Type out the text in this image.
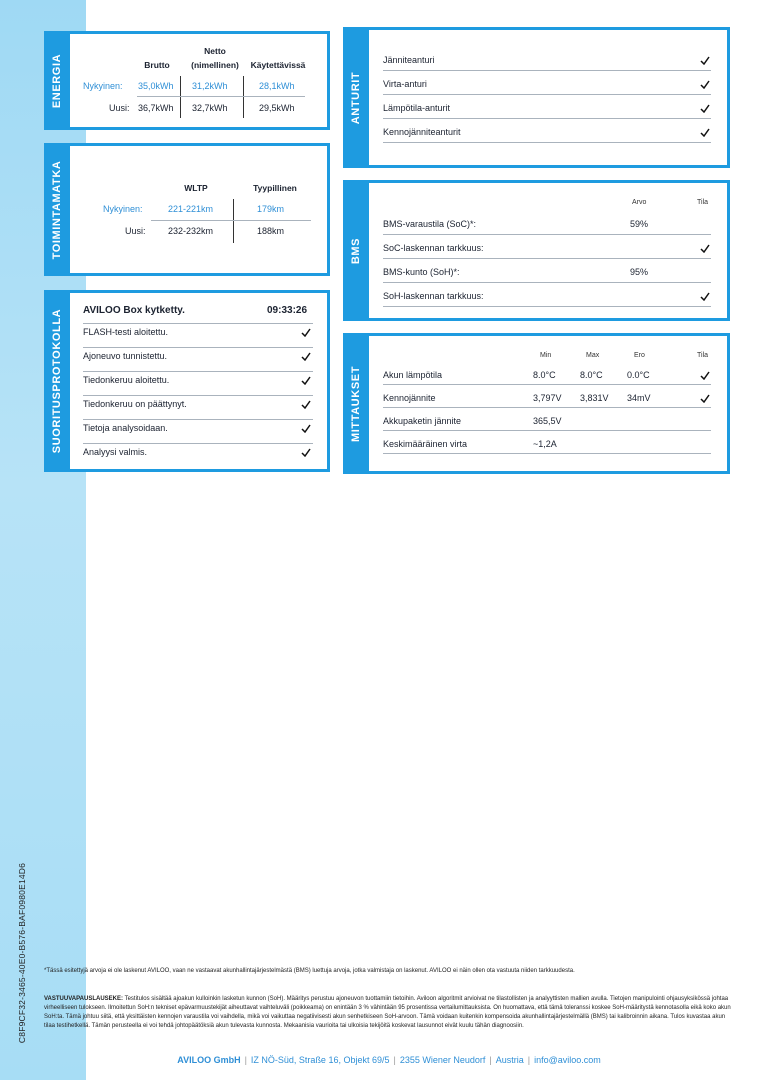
C8F9CF32-3465-40E0-B576-BAF0980E14D6
ENERGIA	Brutto
Netto
(nimellinen)	Käytettävissä
Nykyinen: 35,0kWh 31,2kWh	28,1kWh
Uusi: 36,7kWh 32,7kWh	29,5kWh
TOIMINTAMATKA	WLTP	Tyypillinen
Nykyinen:	221-221km	179km
Uusi: 232-232km	188km
SUORITUSPROTOKOLLA AVILOO Box kytketty.	09:33:26
FLASH-testi aloitettu.
Ajoneuvo tunnistettu.
Tiedonkeruu aloitettu.
Tiedonkeruu on päättynyt.
Tietoja analysoidaan.
Analyysi valmis.
ANTURIT
Jänniteanturi
Virta-anturi
Lämpötila-anturit
Kennojänniteanturit
BMS
Arvo	Tila
BMS-varaustila (SoC)*:	59%
SoC-laskennan tarkkuus:
BMS-kunto (SoH)*:	95%
SoH-laskennan tarkkuus:
MITTAUKSET
Min	Max	Ero	Tila
Akun lämpötila	8.0°C	8.0°C	0.0°C
Kennojännite	3,797V 3,831V 34mV
Akkupaketin jännite	365,5V
Keskimääräinen virta	~1,2A
*Tässä esitettyjä arvoja ei ole laskenut AVILOO, vaan ne vastaavat akunhallintajärjestelmästä (BMS) luettuja arvoja, jotka valmistaja on laskenut. AVILOO ei näin ollen ota vastuuta niiden tarkkuudesta.
VASTUUVAPAUSLAUSEKE: Testitulos sisältää ajoakun kulloinkin lasketun kunnon (SoH). Määritys perustuu ajoneuvon tuottamiin tietoihin. Aviloon algoritmit arvioivat ne tilastollisten ja analyyttisten mallien avulla. Tietojen manipulointi ohjausyksikössä johtaa virheelliseen tulokseen. Ilmoitettun SoH:n tekniset epävarmuustekijät aiheuttavat vaihteluväli (poikkeama) on enintään 3 % vähintään 95 prosentissa vertailumittauksista. On huomattava, että tämä toleranssi koskee SoH-määritystä kennotasolla eikä koko akun SoH:ta. Tämä johtuu siitä, että yksittäisten kennojen varaustila voi vaihdella, mikä voi vaikuttaa negatiivisesti akun senhetkiseen SoH-arvoon. Tämä voidaan kuitenkin kompensoida akunhallintajärjestelmällä (BMS) tai kalibroinnin aikana. Tulos kuvastaa akun tilaa testihetkellä. Tämän perusteella ei voi tehdä johtopäätöksiä akun tulevasta kunnosta. Mekaanisia vaurioita tai ulkoisia tekijöitä koskevat lausunnot eivät kuulu tähän diagnoosiin.
AVILOO GmbH | IZ NÖ-Süd, Straße 16, Objekt 69/5 | 2355 Wiener Neudorf | Austria | info@aviloo.com
